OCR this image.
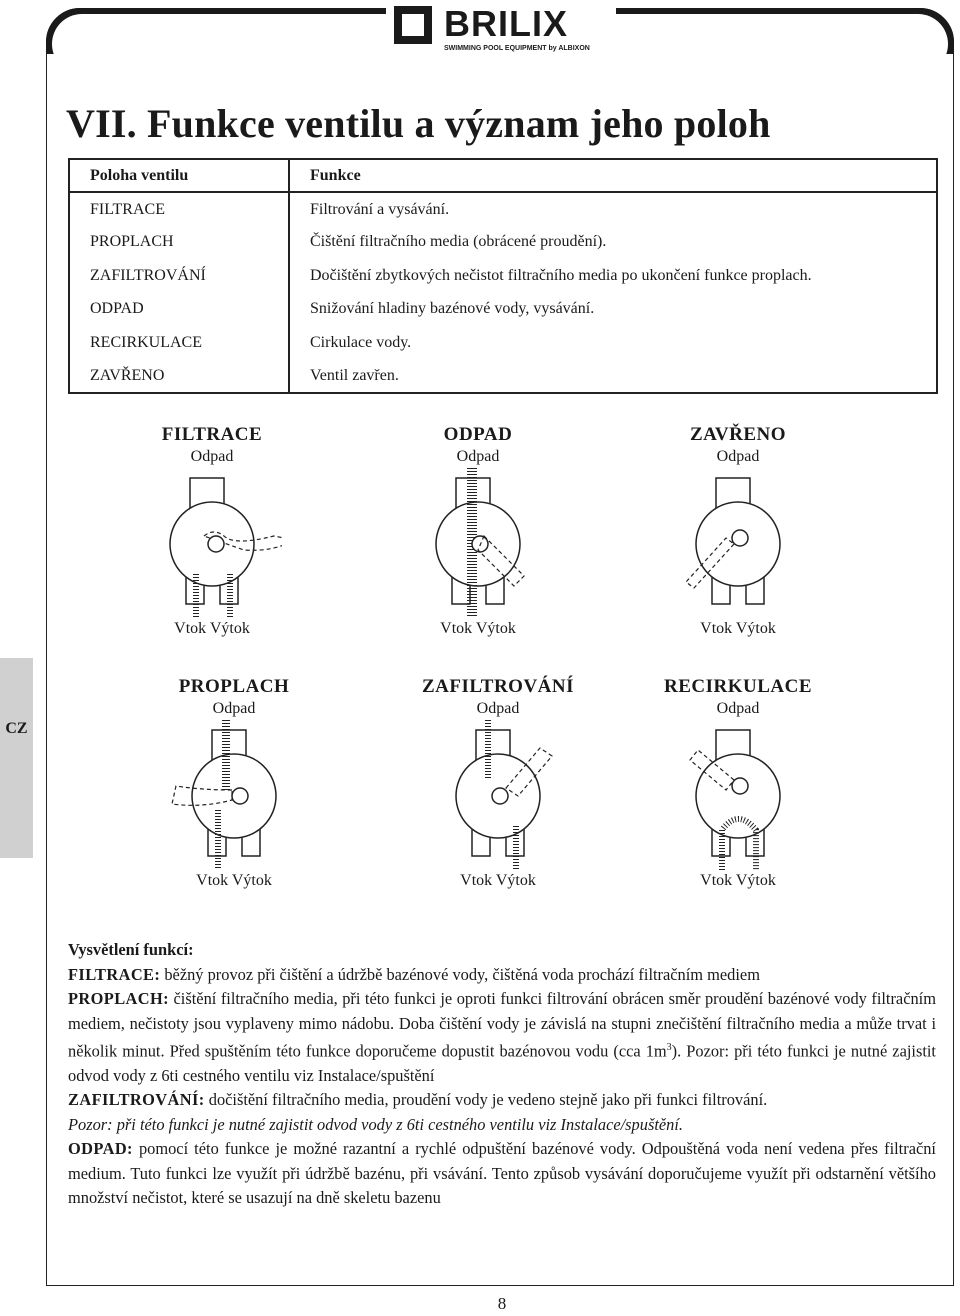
BRILIX
SWIMMING POOL EQUIPMENT by ALBIXON
VII. Funkce ventilu a význam jeho poloh
Poloha ventilu	Funkce
FILTRACE	Filtrování a vysávání.
PROPLACH	Čištění filtračního media (obrácené proudění).
ZAFILTROVÁNÍ	Dočištění zbytkových nečistot filtračního media po ukončení funkce proplach.
ODPAD	Snižování hladiny bazénové vody, vysávání.
RECIRKULACE	Cirkulace vody.
ZAVŘENO	Ventil zavřen.
FILTRACE
Odpad
Vtok Výtok
ODPAD
Odpad
Vtok Výtok
ZAVŘENO
Odpad
Vtok Výtok
CZ
PROPLACH
Odpad
Vtok Výtok
ZAFILTROVÁNÍ
Odpad
Vtok Výtok
RECIRKULACE
Odpad
Vtok Výtok

Vysvětlení funkcí:

FILTRACE: běžný provoz při čištění a údržbě bazénové vody, čištěná voda prochází filtračním mediem

PROPLACH: čištění filtračního media, při této funkci je oproti funkci filtrování obrácen směr proudění bazénové vody filtračním mediem, nečistoty jsou vyplaveny mimo nádobu. Doba čištění vody je závislá na stupni znečištění filtračního media a může trvat i několik minut. Před spuštěním této funkce doporučeme dopustit bazénovou vodu (cca $1m^3$). Pozor: při této funkci je nutné zajistit odvod vody z 6ti cestného ventilu viz Instalace/spuštění

ZAFILTROVÁNÍ: dočištění filtračního media, proudění vody je vedeno stejně jako při funkci filtrování.

Pozor: při této funkci je nutné zajistit odvod vody z 6ti cestného ventilu viz Instalace/spuštění.

ODPAD: pomocí této funkce je možné razantní a rychlé odpuštění bazénové vody. Odpouštěná voda není vedena přes filtrační medium. Tuto funkci lze využít při údržbě bazénu, při vsávání. Tento způsob vysávání doporučujeme využít při odstarnění většího množství nečistot, které se usazují na dně skeletu bazenu

8
